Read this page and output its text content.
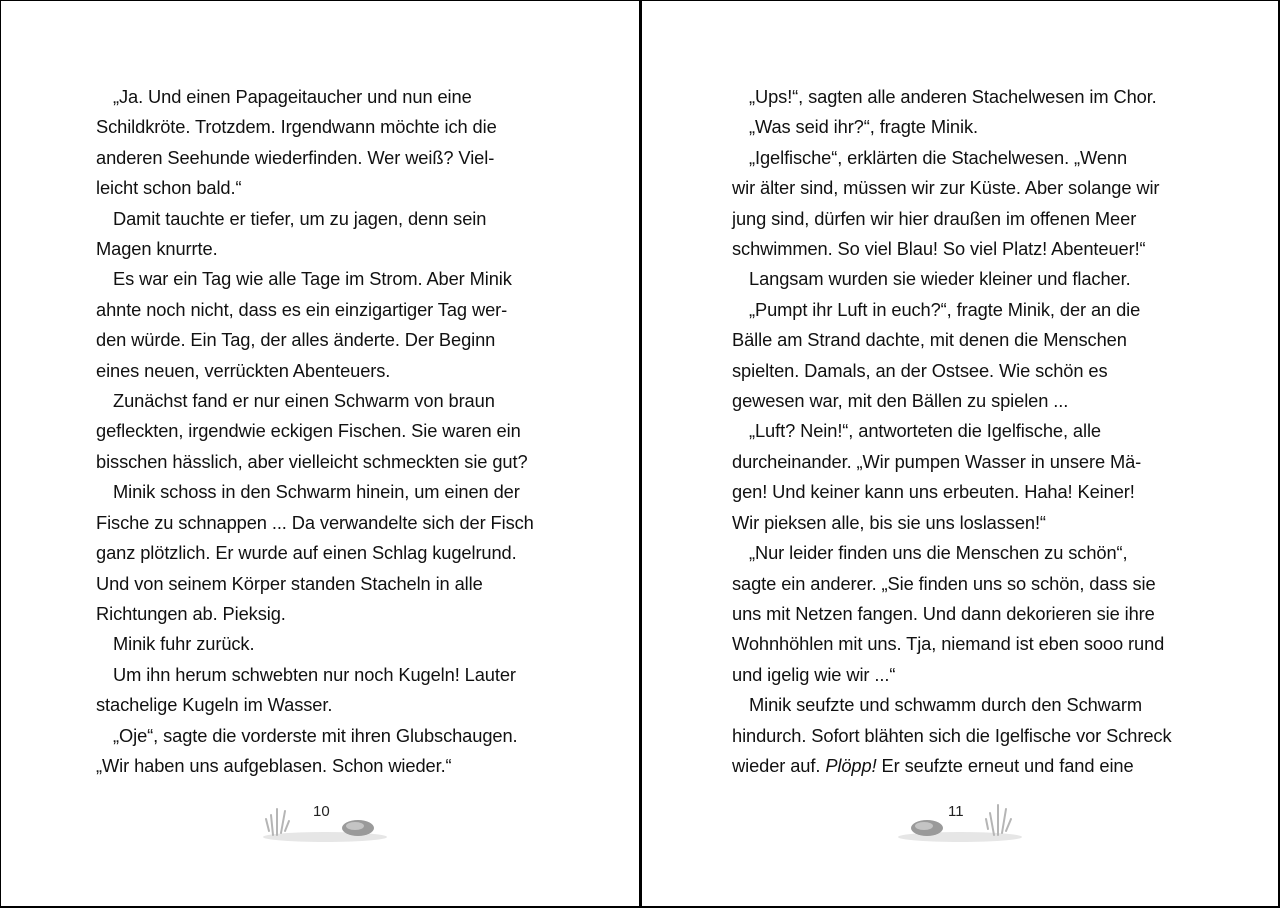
„Ja. Und einen Papageitaucher und nun eine
Schildkröte. Trotzdem. Irgendwann möchte ich die
anderen Seehunde wiederfinden. Wer weiß? Viel-
leicht schon bald.“
Damit tauchte er tiefer, um zu jagen, denn sein
Magen knurrte.
Es war ein Tag wie alle Tage im Strom. Aber Minik
ahnte noch nicht, dass es ein einzigartiger Tag wer-
den würde. Ein Tag, der alles änderte. Der Beginn
eines neuen, verrückten Abenteuers.
Zunächst fand er nur einen Schwarm von braun
gefleckten, irgendwie eckigen Fischen. Sie waren ein
bisschen hässlich, aber vielleicht schmeckten sie gut?
Minik schoss in den Schwarm hinein, um einen der
Fische zu schnappen ... Da verwandelte sich der Fisch
ganz plötzlich. Er wurde auf einen Schlag kugelrund.
Und von seinem Körper standen Stacheln in alle
Richtungen ab. Pieksig.
Minik fuhr zurück.
Um ihn herum schwebten nur noch Kugeln! Lauter
stachelige Kugeln im Wasser.
„Oje“, sagte die vorderste mit ihren Glubschaugen.
„Wir haben uns aufgeblasen. Schon wieder.“
„Ups!“, sagten alle anderen Stachelwesen im Chor.
„Was seid ihr?“, fragte Minik.
„Igelfische“, erklärten die Stachelwesen. „Wenn
wir älter sind, müssen wir zur Küste. Aber solange wir
jung sind, dürfen wir hier draußen im offenen Meer
schwimmen. So viel Blau! So viel Platz! Abenteuer!“
Langsam wurden sie wieder kleiner und flacher.
„Pumpt ihr Luft in euch?“, fragte Minik, der an die
Bälle am Strand dachte, mit denen die Menschen
spielten. Damals, an der Ostsee. Wie schön es
gewesen war, mit den Bällen zu spielen ...
„Luft? Nein!“, antworteten die Igelfische, alle
durcheinander. „Wir pumpen Wasser in unsere Mä-
gen! Und keiner kann uns erbeuten. Haha! Keiner!
Wir pieksen alle, bis sie uns loslassen!“
„Nur leider finden uns die Menschen zu schön“,
sagte ein anderer. „Sie finden uns so schön, dass sie
uns mit Netzen fangen. Und dann dekorieren sie ihre
Wohnhöhlen mit uns. Tja, niemand ist eben sooo rund
und igelig wie wir ...“
Minik seufzte und schwamm durch den Schwarm
hindurch. Sofort blähten sich die Igelfische vor Schreck
wieder auf. Plöpp! Er seufzte erneut und fand eine
10	11
